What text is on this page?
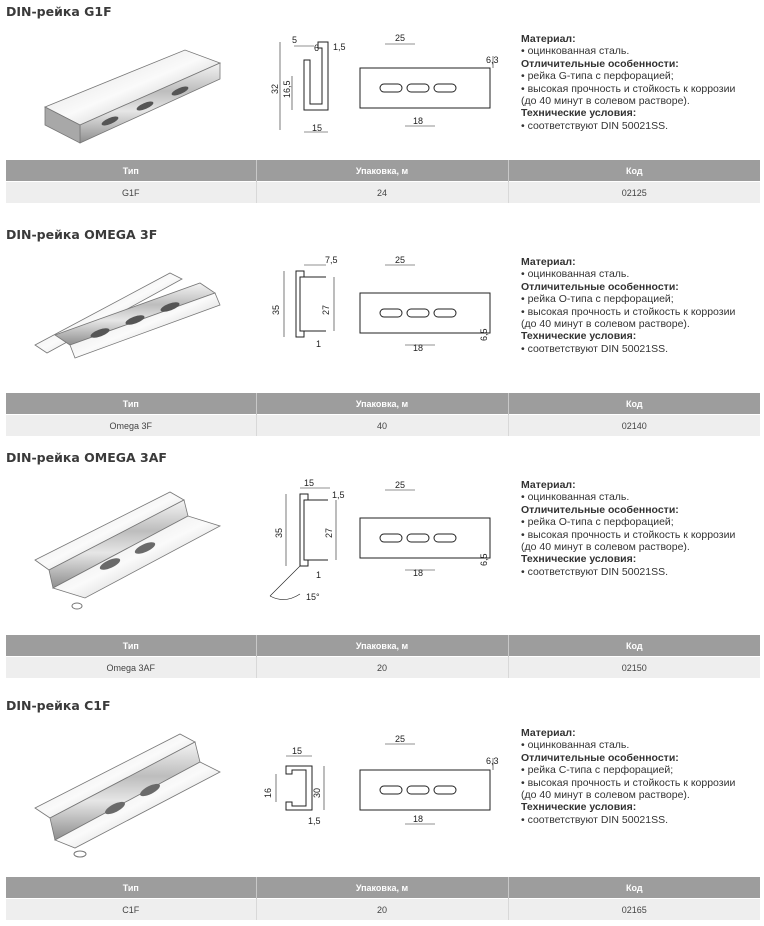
DIN-рейка G1F
5
6 1,5
32 16,5
15
25
18
6,3
Материал:
• оцинкованная сталь.
Отличительные особенности:
• рейка G-типа с перфорацией;
• высокая прочность и стойкость к коррозии
(до 40 минут в солевом растворе).
Технические условия:
• соответствуют DIN 50021SS.
Тип	Упаковка, м	Код
G1F	24	02125
DIN-рейка OMEGA 3F
7,5
35	27
1
25
18
6,5
Материал:
• оцинкованная сталь.
Отличительные особенности:
• рейка О-типа с перфорацией;
• высокая прочность и стойкость к коррозии
(до 40 минут в солевом растворе).
Технические условия:
• соответствуют DIN 50021SS.
Тип	Упаковка, м	Код
Omega 3F	40	02140
DIN-рейка OMEGA 3AF
15
1,5
35	27
1
15°
25
18
6,5
Материал:
• оцинкованная сталь.
Отличительные особенности:
• рейка О-типа с перфорацией;
• высокая прочность и стойкость к коррозии
(до 40 минут в солевом растворе).
Технические условия:
• соответствуют DIN 50021SS.
Тип	Упаковка, м	Код
Omega 3AF	20	02150
DIN-рейка C1F
15
16	30
1,5
25
18
6,3
Материал:
• оцинкованная сталь.
Отличительные особенности:
• рейка С-типа с перфорацией;
• высокая прочность и стойкость к коррозии
(до 40 минут в солевом растворе).
Технические условия:
• соответствуют DIN 50021SS.
Тип	Упаковка, м	Код
C1F	20	02165
